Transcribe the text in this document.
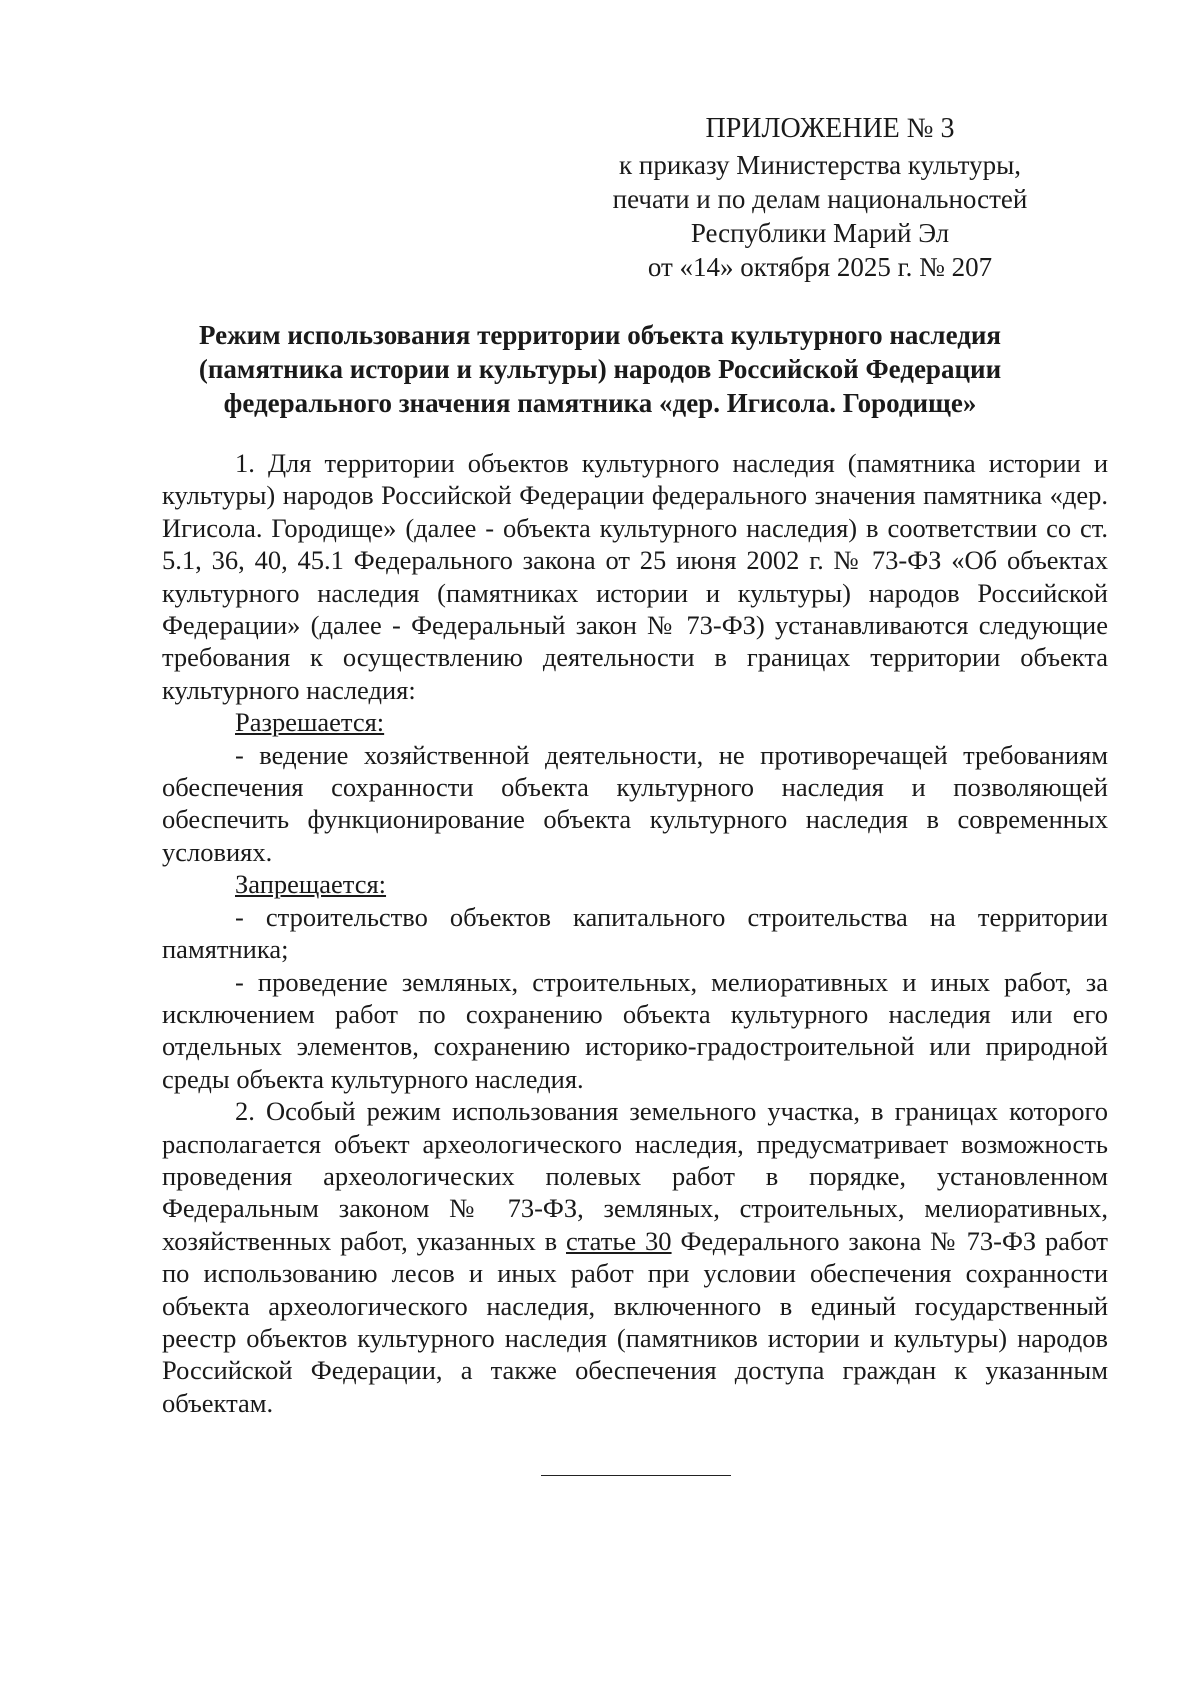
ПРИЛОЖЕНИЕ № 3
к приказу Министерства культуры,
печати и по делам национальностей
Республики Марий Эл
от «14» октября 2025 г. № 207
Режим использования территории объекта культурного наследия
(памятника истории и культуры) народов Российской Федерации
федерального значения памятника «дер. Игисола. Городище»

1. Для территории объектов культурного наследия (памятника истории и культуры) народов Российской Федерации федерального значения памятника «дер. Игисола. Городище» (далее - объекта культурного наследия) в соответствии со ст. 5.1, 36, 40, 45.1 Федерального закона от 25 июня 2002 г. № 73-ФЗ «Об объектах культурного наследия (памятниках истории и культуры) народов Российской Федерации» (далее - Федеральный закон № 73-ФЗ) устанавливаются следующие требования к осуществлению деятельности в границах территории объекта культурного наследия:

Разрешается:

- ведение хозяйственной деятельности, не противоречащей требованиям обеспечения сохранности объекта культурного наследия и позволяющей обеспечить функционирование объекта культурного наследия в современных условиях.

Запрещается:

- строительство объектов капитального строительства на территории памятника;

- проведение земляных, строительных, мелиоративных и иных работ, за исключением работ по сохранению объекта культурного наследия или его отдельных элементов, сохранению историко-градостроительной или природной среды объекта культурного наследия.

2. Особый режим использования земельного участка, в границах которого располагается объект археологического наследия, предусматривает возможность проведения археологических полевых работ в порядке, установленном Федеральным законом № 73-ФЗ, земляных, строительных, мелиоративных, хозяйственных работ, указанных в статье 30 Федерального закона № 73-ФЗ работ по использованию лесов и иных работ при условии обеспечения сохранности объекта археологического наследия, включенного в единый государственный реестр объектов культурного наследия (памятников истории и культуры) народов Российской Федерации, а также обеспечения доступа граждан к указанным объектам.
